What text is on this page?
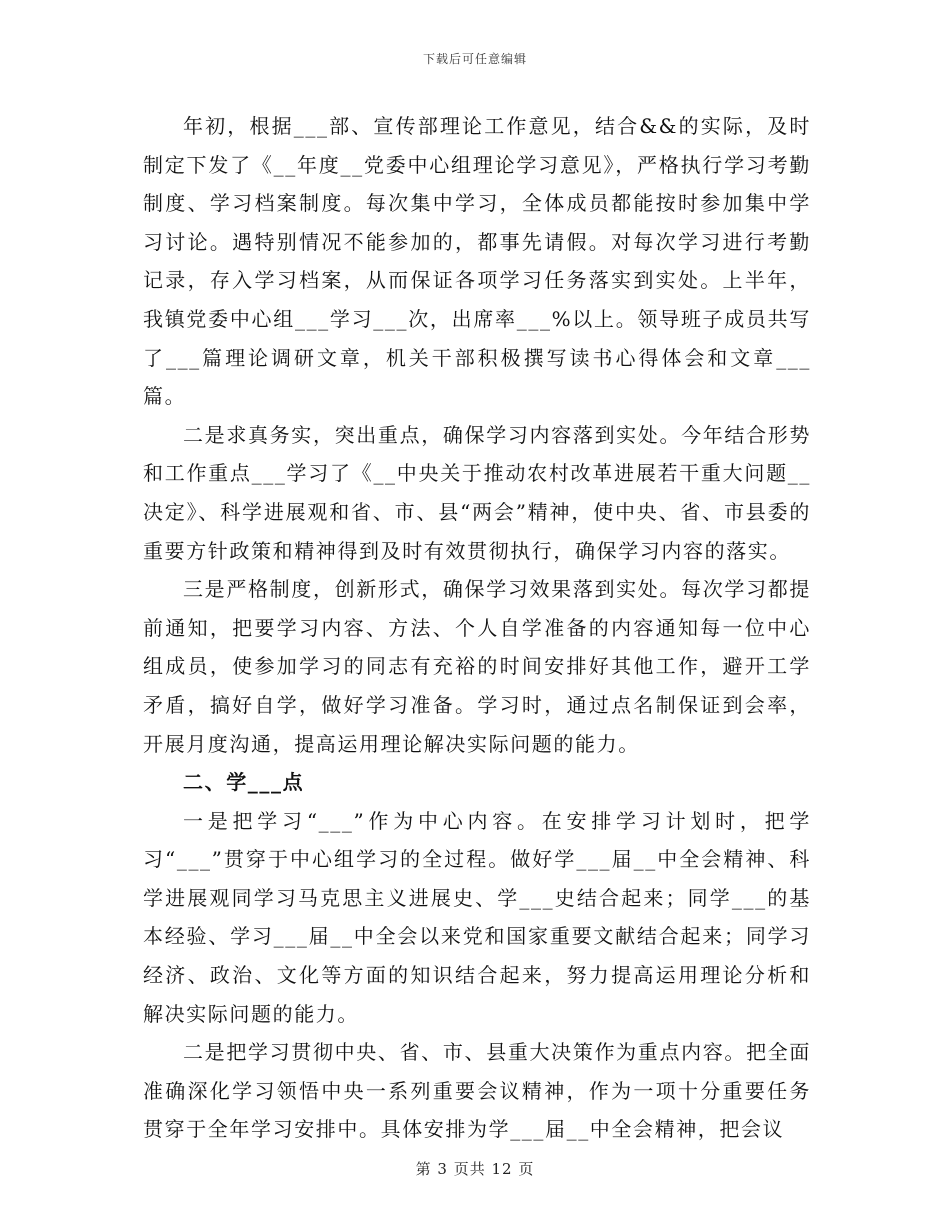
下载后可任意编辑

年初，根据___部、宣传部理论工作意见，结合&&的实际，及时制定下发了《__年度__党委中心组理论学习意见》，严格执行学习考勤制度、学习档案制度。每次集中学习，全体成员都能按时参加集中学习讨论。遇特别情况不能参加的，都事先请假。对每次学习进行考勤记录，存入学习档案，从而保证各项学习任务落实到实处。上半年，我镇党委中心组___学习___次，出席率___%以上。领导班子成员共写了___篇理论调研文章，机关干部积极撰写读书心得体会和文章___篇。

二是求真务实，突出重点，确保学习内容落到实处。今年结合形势和工作重点___学习了《__中央关于推动农村改革进展若干重大问题__决定》、科学进展观和省、市、县“两会”精神，使中央、省、市县委的重要方针政策和精神得到及时有效贯彻执行，确保学习内容的落实。

三是严格制度，创新形式，确保学习效果落到实处。每次学习都提前通知，把要学习内容、方法、个人自学准备的内容通知每一位中心组成员，使参加学习的同志有充裕的时间安排好其他工作，避开工学矛盾，搞好自学，做好学习准备。学习时，通过点名制保证到会率，开展月度沟通，提高运用理论解决实际问题的能力。

二、学___点

一是把学习“___”作为中心内容。在安排学习计划时，把学习“___”贯穿于中心组学习的全过程。做好学___届__中全会精神、科学进展观同学习马克思主义进展史、学___史结合起来；同学___的基本经验、学习___届__中全会以来党和国家重要文献结合起来；同学习经济、政治、文化等方面的知识结合起来，努力提高运用理论分析和解决实际问题的能力。

二是把学习贯彻中央、省、市、县重大决策作为重点内容。把全面准确深化学习领悟中央一系列重要会议精神，作为一项十分重要任务贯穿于全年学习安排中。具体安排为学___届__中全会精神，把会议

第 3 页共 12 页
